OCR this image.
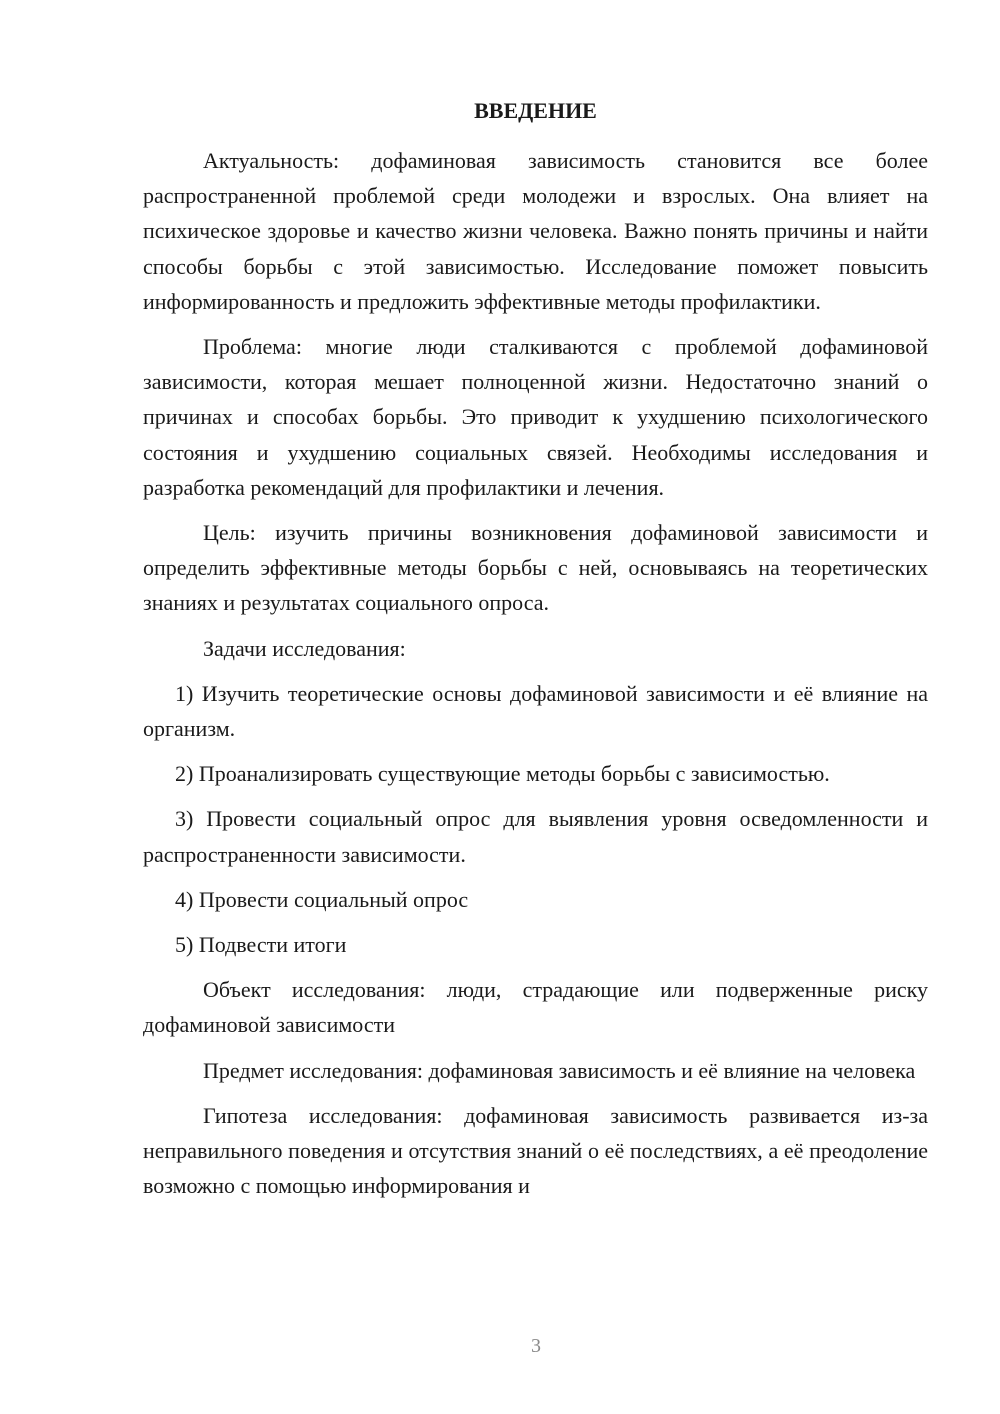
ВВЕДЕНИЕ

Актуальность: дофаминовая зависимость становится все более распространенной проблемой среди молодежи и взрослых. Она влияет на психическое здоровье и качество жизни человека. Важно понять причины и найти способы борьбы с этой зависимостью. Исследование поможет повысить информированность и предложить эффективные методы профилактики.

Проблема: многие люди сталкиваются с проблемой дофаминовой зависимости, которая мешает полноценной жизни. Недостаточно знаний о причинах и способах борьбы. Это приводит к ухудшению психологического состояния и ухудшению социальных связей. Необходимы исследования и разработка рекомендаций для профилактики и лечения.

Цель: изучить причины возникновения дофаминовой зависимости и определить эффективные методы борьбы с ней, основываясь на теоретических знаниях и результатах социального опроса.

Задачи исследования:

1) Изучить теоретические основы дофаминовой зависимости и её влияние на организм.

2) Проанализировать существующие методы борьбы с зависимостью.

3) Провести социальный опрос для выявления уровня осведомленности и распространенности зависимости.

4) Провести социальный опрос

5) Подвести итоги

Объект исследования: люди, страдающие или подверженные риску дофаминовой зависимости

Предмет исследования: дофаминовая зависимость и её влияние на человека

Гипотеза исследования: дофаминовая зависимость развивается из-за неправильного поведения и отсутствия знаний о её последствиях, а её преодоление возможно с помощью информирования и

3
